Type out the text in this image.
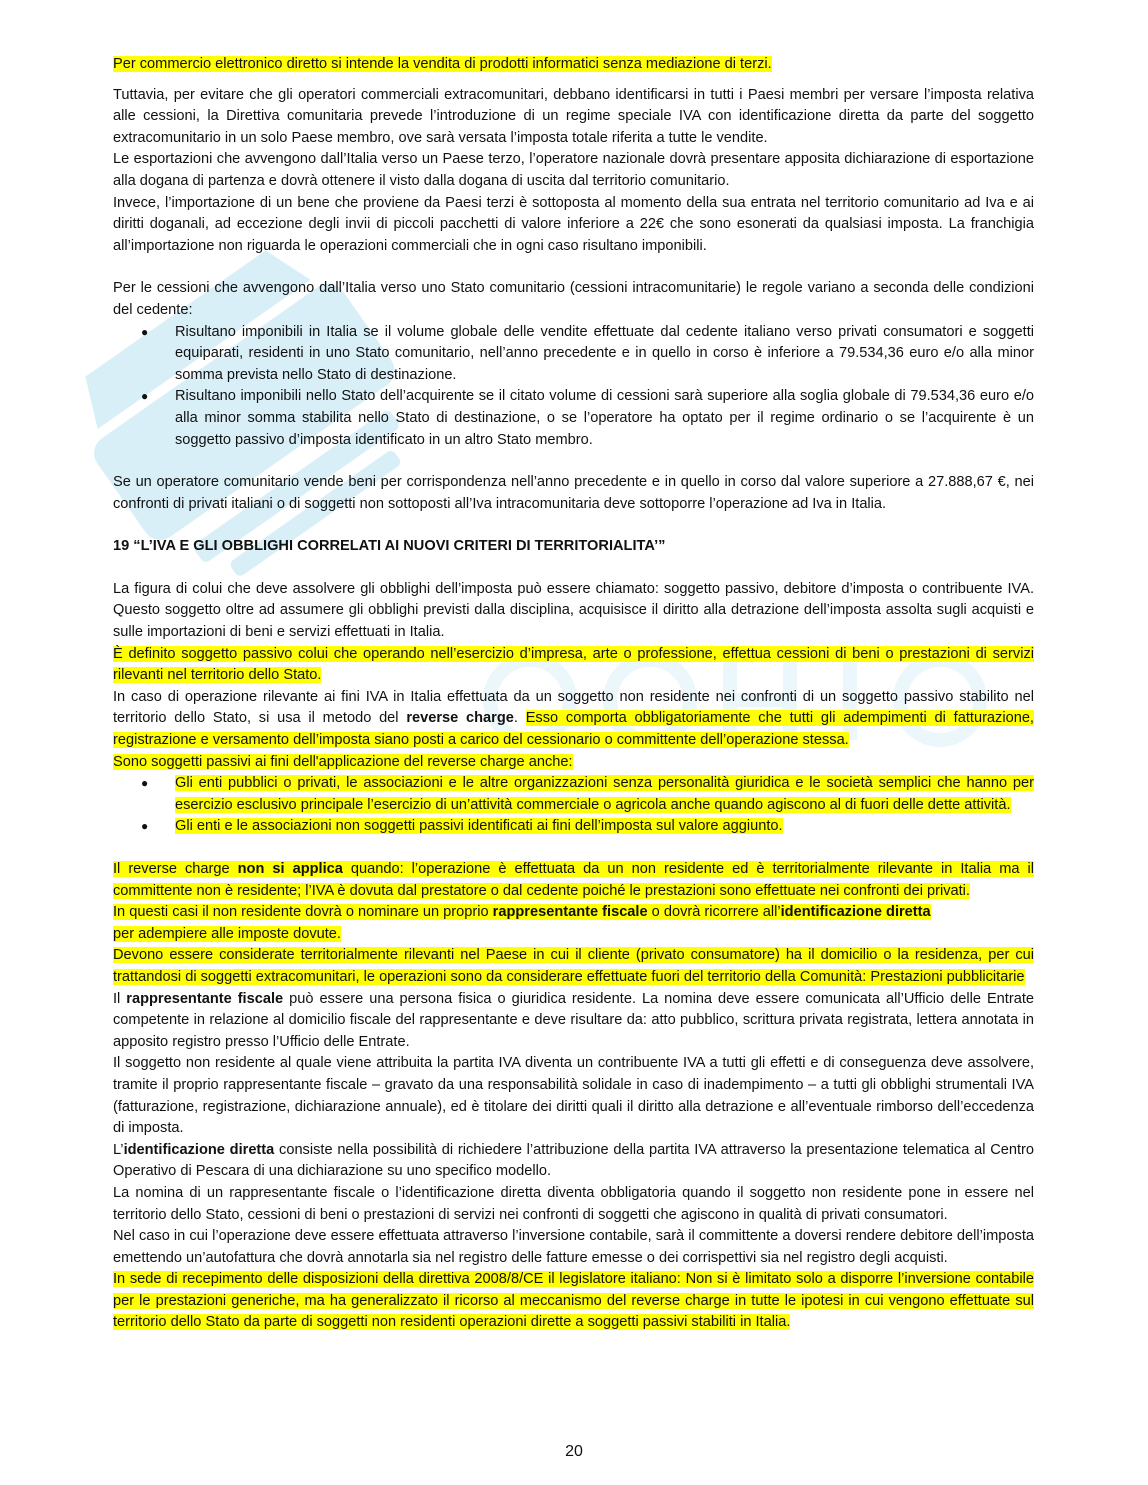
Per commercio elettronico diretto si intende la vendita di prodotti informatici senza mediazione di terzi.

Tuttavia, per evitare che gli operatori commerciali extracomunitari, debbano identificarsi in tutti i Paesi membri per versare l’imposta relativa alle cessioni, la Direttiva comunitaria prevede l’introduzione di un regime speciale IVA con identificazione diretta da parte del soggetto extracomunitario in un solo Paese membro, ove sarà versata l’imposta totale riferita a tutte le vendite.

Le esportazioni che avvengono dall’Italia verso un Paese terzo, l’operatore nazionale dovrà presentare apposita dichiarazione di esportazione alla dogana di partenza e dovrà ottenere il visto dalla dogana di uscita dal territorio comunitario.

Invece, l’importazione di un bene che proviene da Paesi terzi è sottoposta al momento della sua entrata nel territorio comunitario ad Iva e ai diritti doganali, ad eccezione degli invii di piccoli pacchetti di valore inferiore a 22€ che sono esonerati da qualsiasi imposta. La franchigia all’importazione non riguarda le operazioni commerciali che in ogni caso risultano imponibili.

Per le cessioni che avvengono dall’Italia verso uno Stato comunitario (cessioni intracomunitarie) le regole variano a seconda delle condizioni del cedente:

● Risultano imponibili in Italia se il volume globale delle vendite effettuate dal cedente italiano verso privati consumatori e soggetti equiparati, residenti in uno Stato comunitario, nell’anno precedente e in quello in corso è inferiore a 79.534,36 euro e/o alla minor somma prevista nello Stato di destinazione.
● Risultano imponibili nello Stato dell’acquirente se il citato volume di cessioni sarà superiore alla soglia globale di 79.534,36 euro e/o alla minor somma stabilita nello Stato di destinazione, o se l’operatore ha optato per il regime ordinario o se l’acquirente è un soggetto passivo d’imposta identificato in un altro Stato membro.

Se un operatore comunitario vende beni per corrispondenza nell’anno precedente e in quello in corso dal valore superiore a 27.888,67 €, nei confronti di privati italiani o di soggetti non sottoposti all’Iva intracomunitaria deve sottoporre l’operazione ad Iva in Italia.

19 “L’IVA E GLI OBBLIGHI CORRELATI AI NUOVI CRITERI DI TERRITORIALITA’”

La figura di colui che deve assolvere gli obblighi dell’imposta può essere chiamato: soggetto passivo, debitore d’imposta o contribuente IVA. Questo soggetto oltre ad assumere gli obblighi previsti dalla disciplina, acquisisce il diritto alla detrazione dell’imposta assolta sugli acquisti e sulle importazioni di beni e servizi effettuati in Italia.

È definito soggetto passivo colui che operando nell’esercizio d’impresa, arte o professione, effettua cessioni di beni o prestazioni di servizi rilevanti nel territorio dello Stato.

In caso di operazione rilevante ai fini IVA in Italia effettuata da un soggetto non residente nei confronti di un soggetto passivo stabilito nel territorio dello Stato, si usa il metodo del reverse charge. Esso comporta obbligatoriamente che tutti gli adempimenti di fatturazione, registrazione e versamento dell’imposta siano posti a carico del cessionario o committente dell’operazione stessa.

Sono soggetti passivi ai fini dell'applicazione del reverse charge anche:

● Gli enti pubblici o privati, le associazioni e le altre organizzazioni senza personalità giuridica e le società semplici che hanno per esercizio esclusivo principale l’esercizio di un’attività commerciale o agricola anche quando agiscono al di fuori delle dette attività.
● Gli enti e le associazioni non soggetti passivi identificati ai fini dell’imposta sul valore aggiunto.

Il reverse charge non si applica quando: l’operazione è effettuata da un non residente ed è territorialmente rilevante in Italia ma il committente non è residente; l’IVA è dovuta dal prestatore o dal cedente poiché le prestazioni sono effettuate nei confronti dei privati.

In questi casi il non residente dovrà o nominare un proprio rappresentante fiscale o dovrà ricorrere all’identificazione diretta

per adempiere alle imposte dovute.

Devono essere considerate territorialmente rilevanti nel Paese in cui il cliente (privato consumatore) ha il domicilio o la residenza, per cui trattandosi di soggetti extracomunitari, le operazioni sono da considerare effettuate fuori del territorio della Comunità: Prestazioni pubblicitarie

Il rappresentante fiscale può essere una persona fisica o giuridica residente. La nomina deve essere comunicata all’Ufficio delle Entrate competente in relazione al domicilio fiscale del rappresentante e deve risultare da: atto pubblico, scrittura privata registrata, lettera annotata in apposito registro presso l’Ufficio delle Entrate.

Il soggetto non residente al quale viene attribuita la partita IVA diventa un contribuente IVA a tutti gli effetti e di conseguenza deve assolvere, tramite il proprio rappresentante fiscale – gravato da una responsabilità solidale in caso di inadempimento – a tutti gli obblighi strumentali IVA (fatturazione, registrazione, dichiarazione annuale), ed è titolare dei diritti quali il diritto alla detrazione e all’eventuale rimborso dell’eccedenza di imposta.

L’identificazione diretta consiste nella possibilità di richiedere l’attribuzione della partita IVA attraverso la presentazione telematica al Centro Operativo di Pescara di una dichiarazione su uno specifico modello.

La nomina di un rappresentante fiscale o l’identificazione diretta diventa obbligatoria quando il soggetto non residente pone in essere nel territorio dello Stato, cessioni di beni o prestazioni di servizi nei confronti di soggetti che agiscono in qualità di privati consumatori.

Nel caso in cui l’operazione deve essere effettuata attraverso l’inversione contabile, sarà il committente a doversi rendere debitore dell’imposta emettendo un’autofattura che dovrà annotarla sia nel registro delle fatture emesse o dei corrispettivi sia nel registro degli acquisti.

In sede di recepimento delle disposizioni della direttiva 2008/8/CE il legislatore italiano: Non si è limitato solo a disporre l’inversione contabile per le prestazioni generiche, ma ha generalizzato il ricorso al meccanismo del reverse charge in tutte le ipotesi in cui vengono effettuate sul territorio dello Stato da parte di soggetti non residenti operazioni dirette a soggetti passivi stabiliti in Italia.

20
